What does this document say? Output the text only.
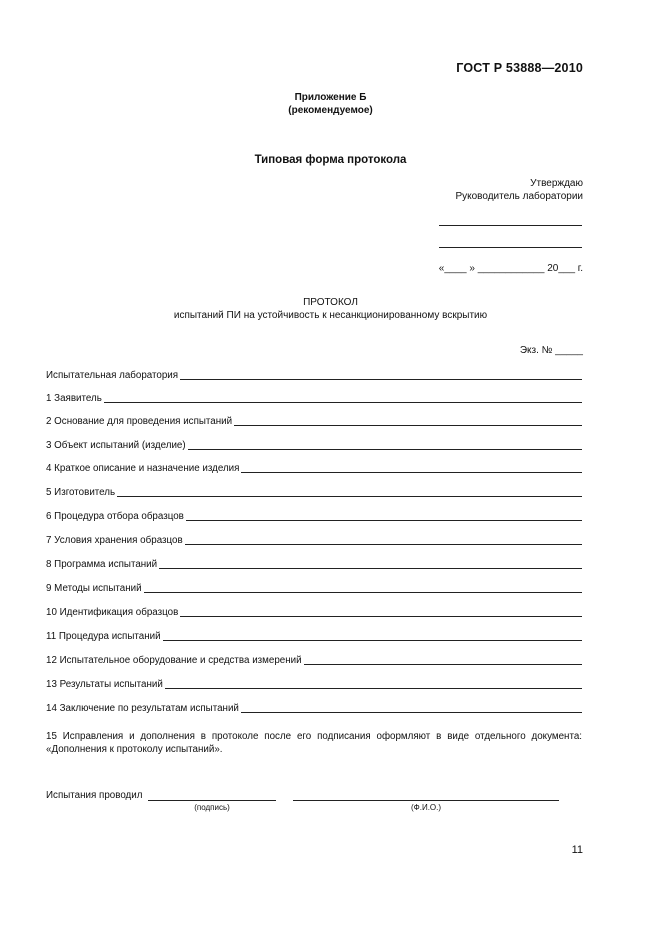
ГОСТ Р 53888—2010
Приложение Б
(рекомендуемое)
Типовая форма протокола
Утверждаю
Руководитель лаборатории
«____ » ____________ 20___ г.
ПРОТОКОЛ
испытаний ПИ на устойчивость к несанкционированному вскрытию
Экз. № _____
Испытательная лаборатория
1 Заявитель
2 Основание для проведения испытаний
3 Объект испытаний (изделие)
4 Краткое описание и назначение изделия
5 Изготовитель
6 Процедура отбора образцов
7 Условия хранения образцов
8 Программа испытаний
9 Методы испытаний
10 Идентификация образцов
11 Процедура испытаний
12 Испытательное оборудование и средства измерений
13 Результаты испытаний
14 Заключение по результатам испытаний
15 Исправления и дополнения в протоколе после его подписания оформляют в виде отдельного документа: «Дополнения к протоколу испытаний».
Испытания проводил
(подпись)	(Ф.И.О.)
11
